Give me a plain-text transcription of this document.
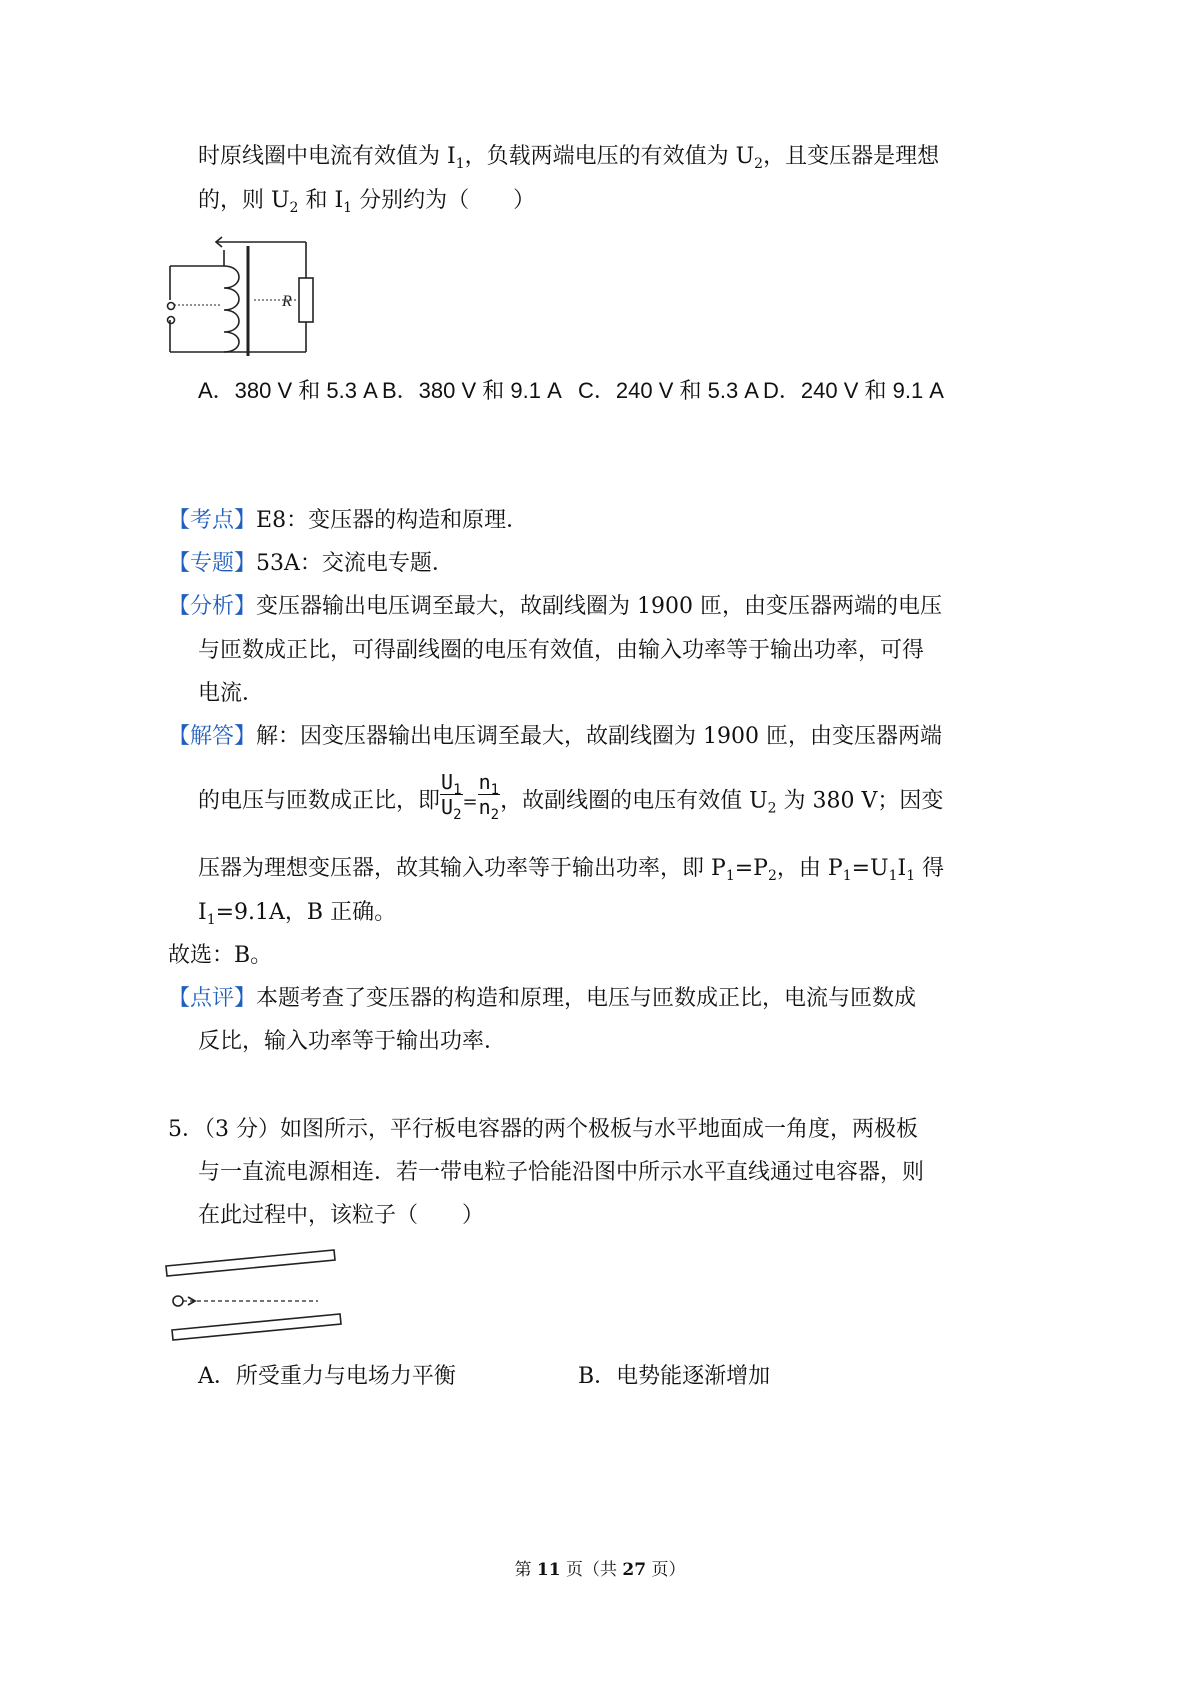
时原线圈中电流有效值为 $I_1$，负载两端电压的有效值为 $U_2$，且变压器是理想
的，则 $U_2$ 和 $I_1$ 分别约为（　　）
R
A．380 V 和 5.3 A B．380 V 和 9.1 A C．240 V 和 5.3 A D．240 V 和 9.1 A
【考点】E8：变压器的构造和原理．
【专题】53A：交流电专题．
【分析】变压器输出电压调至最大，故副线圈为 1900 匝，由变压器两端的电压
与匝数成正比，可得副线圈的电压有效值，由输入功率等于输出功率，可得
电流．
【解答】解：因变压器输出电压调至最大，故副线圈为 1900 匝，由变压器两端
的电压与匝数成正比，即 $\frac{U_1}{U_2} = \frac{n_1}{n_2}$ ，故副线圈的电压有效值 $U_2$ 为 380 V；因变
压器为理想变压器，故其输入功率等于输出功率，即 $P_1=P_2$，由 $P_1=U_1I_1$ 得
$I_1=9.1A$，B 正确。
故选：B。
【点评】本题考查了变压器的构造和原理，电压与匝数成正比，电流与匝数成
反比，输入功率等于输出功率．
5．（3 分）如图所示，平行板电容器的两个极板与水平地面成一角度，两极板
与一直流电源相连．若一带电粒子恰能沿图中所示水平直线通过电容器，则
在此过程中，该粒子（　　）
A．所受重力与电场力平衡	B．电势能逐渐增加
第 11 页（共 27 页）
